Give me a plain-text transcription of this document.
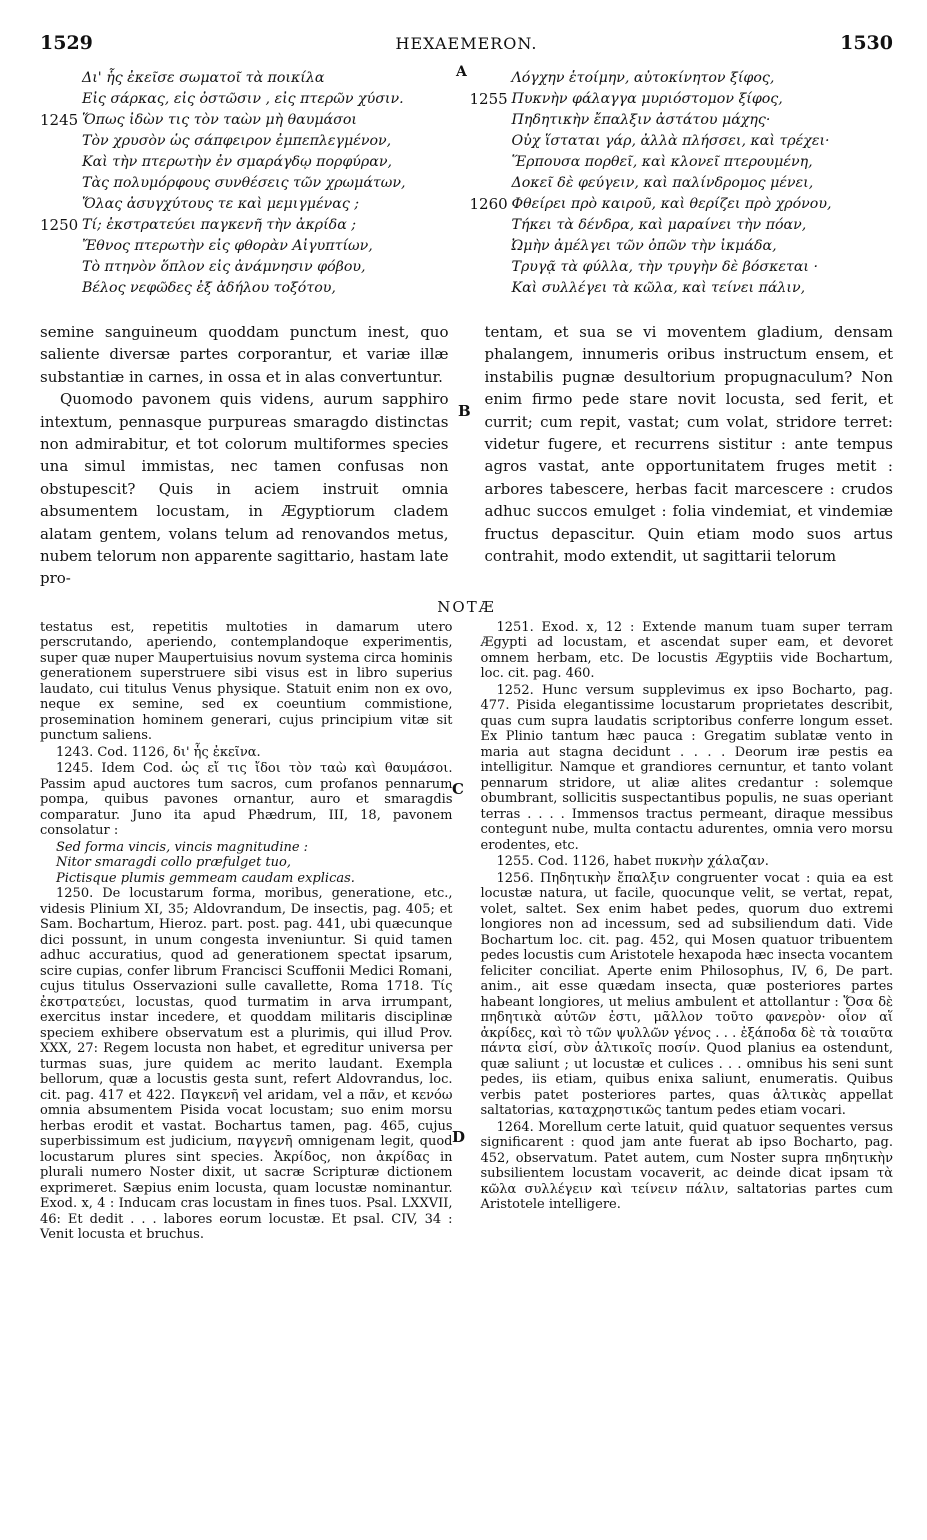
1529	HEXAEMERON.	1530
Δι' ἧς ἐκεῖσε σωματοῖ τὰ ποικίλα
Εἰς σάρκας, εἰς ὀστῶσιν , εἰς πτερῶν χύσιν.
1245 Ὅπως ἰδὼν τις τὸν ταὼν μὴ θαυμάσοι
Τὸν χρυσὸν ὡς σάπφειρον ἐμπεπλεγμένον,
Καὶ τὴν πτερωτὴν ἐν σμαράγδῳ πορφύραν,
Τὰς πολυμόρφους συνθέσεις τῶν χρωμάτων,
Ὅλας ἀσυγχύτους τε καὶ μεμιγμένας ;
1250 Τί; ἐκστρατεύει παγκενῆ τὴν ἀκρίδα ;
Ἔθνος πτερωτὴν εἰς φθορὰν Αἰγυπτίων,
Τὸ πτηνὸν ὅπλον εἰς ἀνάμνησιν φόβου,
Βέλος νεφῶδες ἐξ ἀδήλου τοξότου,
Λόγχην ἑτοίμην, αὐτοκίνητον ξίφος,
1255 Πυκνὴν φάλαγγα μυριόστομον ξίφος,
Πηδητικὴν ἔπαλξιν ἀστάτου μάχης·
Οὐχ ἵσταται γάρ, ἀλλὰ πλήσσει, καὶ τρέχει·
Ἕρπουσα πορθεῖ, καὶ κλονεῖ πτερουμένη,
Δοκεῖ δὲ φεύγειν, καὶ παλίνδρομος μένει,
1260 Φθείρει πρὸ καιροῦ, καὶ θερίζει πρὸ χρόνου,
Τήκει τὰ δένδρα, καὶ μαραίνει τὴν πόαν,
Ὠμὴν ἀμέλγει τῶν ὀπῶν τὴν ἰκμάδα,
Τρυγᾷ τὰ φύλλα, τὴν τρυγὴν δὲ βόσκεται ·
Καὶ συλλέγει τὰ κῶλα, καὶ τείνει πάλιν,
A

semine sanguineum quoddam punctum inest, quo saliente diversæ partes corporantur, et variæ illæ substantiæ in carnes, in ossa et in alas convertuntur.

Quomodo pavonem quis videns, aurum sapphiro intextum, pennasque purpureas smaragdo distinctas non admirabitur, et tot colorum multiformes species una simul immistas, nec tamen confusas non obstupescit? Quis in aciem instruit omnia absumentem locustam, in Ægyptiorum cladem alatam gentem, volans telum ad renovandos metus, nubem telorum non apparente sagittario, hastam late pro-

tentam, et sua se vi moventem gladium, densam phalangem, innumeris oribus instructum ensem, et instabilis pugnæ desultorium propugnaculum? Non enim firmo pede stare novit locusta, sed ferit, et currit; cum repit, vastat; cum volat, stridore terret: videtur fugere, et recurrens sistitur : ante tempus agros vastat, ante opportunitatem fruges metit : arbores tabescere, herbas facit marcescere : crudos adhuc succos emulget : folia vindemiat, et vindemiæ fructus depascitur. Quin etiam modo suos artus contrahit, modo extendit, ut sagittarii telorum

B
NOTÆ

testatus est, repetitis multoties in damarum utero perscrutando, aperiendo, contemplandoque experimentis, super quæ nuper Maupertuisius novum systema circa hominis generationem superstruere sibi visus est in libro superius laudato, cui titulus Venus physique. Statuit enim non ex ovo, neque ex semine, sed ex coeuntium commistione, prosemination hominem generari, cujus principium vitæ sit punctum saliens.

1243. Cod. 1126, δι' ἧς ἐκεῖνα.

1245. Idem Cod. ὡς εἴ τις ἴδοι τὸν ταὼ καὶ θαυμάσοι. Passim apud auctores tum sacros, cum profanos pennarum pompa, quibus pavones ornantur, auro et smaragdis comparatur. Juno ita apud Phædrum, III, 18, pavonem consolatur :

Sed forma vincis, vincis magnitudine :
Nitor smaragdi collo præfulget tuo,
Pictisque plumis gemmeam caudam explicas.

1250. De locustarum forma, moribus, generatione, etc., videsis Plinium XI, 35; Aldovrandum, De insectis, pag. 405; et Sam. Bochartum, Hieroz. part. post. pag. 441, ubi quæcunque dici possunt, in unum congesta inveniuntur. Si quid tamen adhuc accuratius, quod ad generationem spectat ipsarum, scire cupias, confer librum Francisci Scuffonii Medici Romani, cujus titulus Osservazioni sulle cavallette, Roma 1718. Τίς ἐκστρατεύει, locustas, quod turmatim in arva irrumpant, exercitus instar incedere, et quoddam militaris disciplinæ speciem exhibere observatum est a plurimis, qui illud Prov. XXX, 27: Regem locusta non habet, et egreditur universa per turmas suas, jure quidem ac merito laudant. Exempla bellorum, quæ a locustis gesta sunt, refert Aldovrandus, loc. cit. pag. 417 et 422. Παγκενῆ vel aridam, vel a πᾶν, et κενόω omnia absumentem Pisida vocat locustam; suo enim morsu herbas erodit et vastat. Bochartus tamen, pag. 465, cujus superbissimum est judicium, παγγενῆ omnigenam legit, quod locustarum plures sint species. Ἀκρίδος, non ἀκρίδας in plurali numero Noster dixit, ut sacræ Scripturæ dictionem exprimeret. Sæpius enim locusta, quam locustæ nominantur. Exod. x, 4 : Inducam cras locustam in fines tuos. Psal. LXXVII, 46: Et dedit . . . labores eorum locustæ. Et psal. CIV, 34 : Venit locusta et bruchus.

1251. Exod. x, 12 : Extende manum tuam super terram Ægypti ad locustam, et ascendat super eam, et devoret omnem herbam, etc. De locustis Ægyptiis vide Bochartum, loc. cit. pag. 460.

1252. Hunc versum supplevimus ex ipso Bocharto, pag. 477. Pisida elegantissime locustarum proprietates describit, quas cum supra laudatis scriptoribus conferre longum esset. Ex Plinio tantum hæc pauca : Gregatim sublatæ vento in maria aut stagna decidunt . . . . Deorum iræ pestis ea intelligitur. Namque et grandiores cernuntur, et tanto volant pennarum stridore, ut aliæ alites credantur : solemque obumbrant, sollicitis suspectantibus populis, ne suas operiant terras . . . . Immensos tractus permeant, diraque messibus contegunt nube, multa contactu adurentes, omnia vero morsu erodentes, etc.

1255. Cod. 1126, habet πυκνὴν χάλαζαν.

1256. Πηδητικὴν ἔπαλξιν congruenter vocat : quia ea est locustæ natura, ut facile, quocunque velit, se vertat, repat, volet, saltet. Sex enim habet pedes, quorum duo extremi longiores non ad incessum, sed ad subsiliendum dati. Vide Bochartum loc. cit. pag. 452, qui Mosen quatuor tribuentem pedes locustis cum Aristotele hexapoda hæc insecta vocantem feliciter conciliat. Aperte enim Philosophus, IV, 6, De part. anim., ait esse quædam insecta, quæ posteriores partes habeant longiores, ut melius ambulent et attollantur : Ὅσα δὲ πηδητικὰ αὐτῶν ἐστι, μᾶλλον τοῦτο φανερὸν· οἷον αἵ ἀκρίδες, καὶ τὸ τῶν ψυλλῶν γένος . . . ἐξάποδα δὲ τὰ τοιαῦτα πάντα εἰσί, σὺν ἁλτικοῖς ποσίν. Quod planius ea ostendunt, quæ saliunt ; ut locustæ et culices . . . omnibus his seni sunt pedes, iis etiam, quibus enixa saliunt, enumeratis. Quibus verbis patet posteriores partes, quas ἁλτικὰς appellat saltatorias, καταχρηστικῶς tantum pedes etiam vocari.

1264. Morellum certe latuit, quid quatuor sequentes versus significarent : quod jam ante fuerat ab ipso Bocharto, pag. 452, observatum. Patet autem, cum Noster supra πηδητικὴν subsilientem locustam vocaverit, ac deinde dicat ipsam τὰ κῶλα συλλέγειν καὶ τείνειν πάλιν, saltatorias partes cum Aristotele intelligere.

C
D
